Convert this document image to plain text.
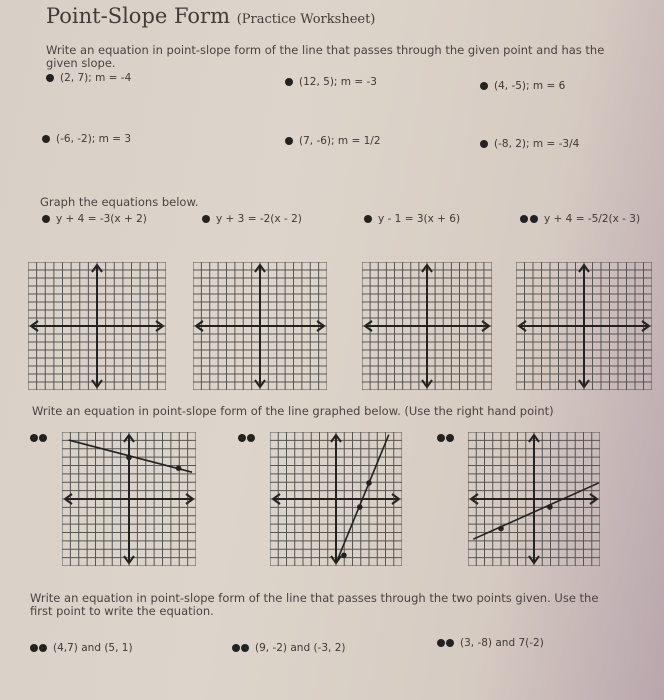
Point-Slope Form (Practice Worksheet)
Write an equation in point-slope form of the line that passes through the given point and has the given slope.
(2, 7); m = -4	(12, 5); m = -3	(4, -5); m = 6
(-6, -2); m = 3	(7, -6); m = 1/2	(-8, 2); m = -3/4
Graph the equations below.
y + 4 = -3(x + 2)	y + 3 = -2(x - 2)	y - 1 = 3(x + 6)	y + 4 = -5/2(x - 3)
Write an equation in point-slope form of the line graphed below. (Use the right hand point)
Write an equation in point-slope form of the line that passes through the two points given. Use the first point to write the equation.
(4,7) and (5, 1)	(9, -2) and (-3, 2)	(3, -8) and 7(-2)
